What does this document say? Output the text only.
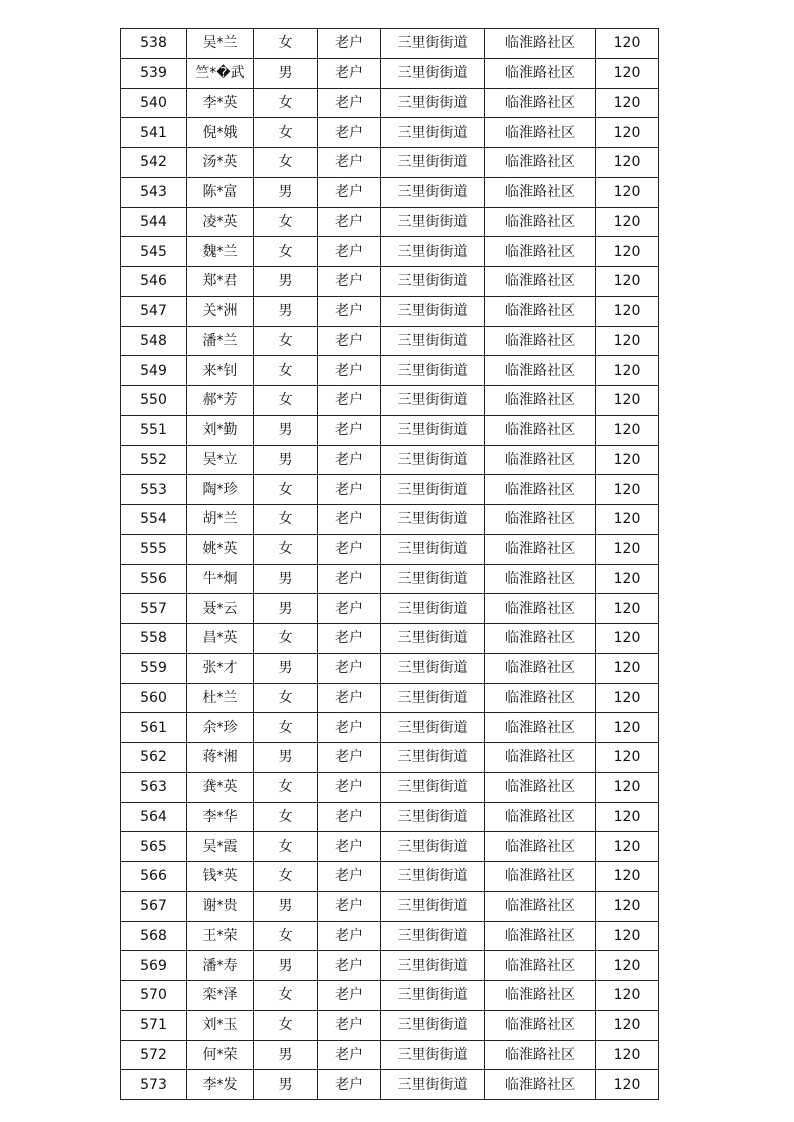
538	吴*兰	女	老户	三里街街道	临淮路社区	120
539	竺*�武	男	老户	三里街街道	临淮路社区	120
540	李*英	女	老户	三里街街道	临淮路社区	120
541	倪*娥	女	老户	三里街街道	临淮路社区	120
542	汤*英	女	老户	三里街街道	临淮路社区	120
543	陈*富	男	老户	三里街街道	临淮路社区	120
544	凌*英	女	老户	三里街街道	临淮路社区	120
545	魏*兰	女	老户	三里街街道	临淮路社区	120
546	郑*君	男	老户	三里街街道	临淮路社区	120
547	关*洲	男	老户	三里街街道	临淮路社区	120
548	潘*兰	女	老户	三里街街道	临淮路社区	120
549	来*钊	女	老户	三里街街道	临淮路社区	120
550	郝*芳	女	老户	三里街街道	临淮路社区	120
551	刘*勤	男	老户	三里街街道	临淮路社区	120
552	吴*立	男	老户	三里街街道	临淮路社区	120
553	陶*珍	女	老户	三里街街道	临淮路社区	120
554	胡*兰	女	老户	三里街街道	临淮路社区	120
555	姚*英	女	老户	三里街街道	临淮路社区	120
556	牛*炯	男	老户	三里街街道	临淮路社区	120
557	聂*云	男	老户	三里街街道	临淮路社区	120
558	昌*英	女	老户	三里街街道	临淮路社区	120
559	张*才	男	老户	三里街街道	临淮路社区	120
560	杜*兰	女	老户	三里街街道	临淮路社区	120
561	余*珍	女	老户	三里街街道	临淮路社区	120
562	蒋*湘	男	老户	三里街街道	临淮路社区	120
563	龚*英	女	老户	三里街街道	临淮路社区	120
564	李*华	女	老户	三里街街道	临淮路社区	120
565	吴*霞	女	老户	三里街街道	临淮路社区	120
566	钱*英	女	老户	三里街街道	临淮路社区	120
567	谢*贵	男	老户	三里街街道	临淮路社区	120
568	王*荣	女	老户	三里街街道	临淮路社区	120
569	潘*寿	男	老户	三里街街道	临淮路社区	120
570	栾*泽	女	老户	三里街街道	临淮路社区	120
571	刘*玉	女	老户	三里街街道	临淮路社区	120
572	何*荣	男	老户	三里街街道	临淮路社区	120
573	李*发	男	老户	三里街街道	临淮路社区	120
